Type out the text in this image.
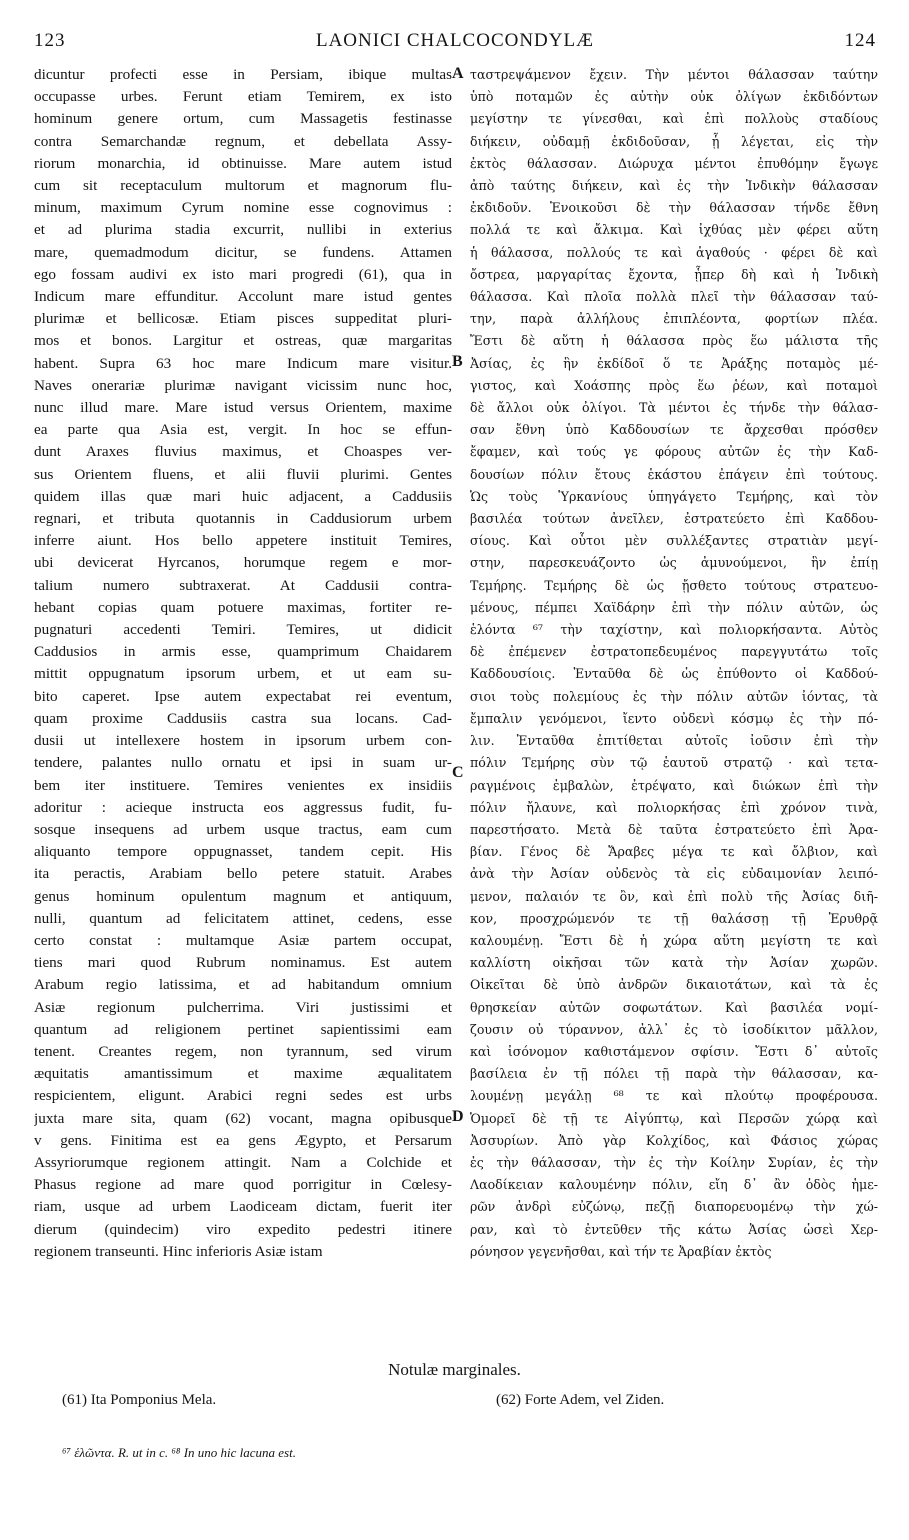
123	LAONICI CHALCOCONDYLÆ	124
dicuntur profecti esse in Persiam, ibique multas
occupasse urbes. Ferunt etiam Temirem, ex isto
hominum genere ortum, cum Massagetis festinasse
contra Semarchandæ regnum, et debellata Assy-
riorum monarchia, id obtinuisse. Mare autem istud
cum sit receptaculum multorum et magnorum flu-
minum, maximum Cyrum nomine esse cognovimus :
et ad plurima stadia excurrit, nullibi in exterius
mare, quemadmodum dicitur, se fundens. Attamen
ego fossam audivi ex isto mari progredi (61), qua in
Indicum mare effunditur. Accolunt mare istud gentes
plurimæ et bellicosæ. Etiam pisces suppeditat pluri-
mos et bonos. Largitur et ostreas, quæ margaritas
habent. Supra 63 hoc mare Indicum mare visitur.
Naves onerariæ plurimæ navigant vicissim nunc hoc,
nunc illud mare. Mare istud versus Orientem, maxime
ea parte qua Asia est, vergit. In hoc se effun-
dunt Araxes fluvius maximus, et Choaspes ver-
sus Orientem fluens, et alii fluvii plurimi. Gentes
quidem illas quæ mari huic adjacent, a Caddusiis
regnari, et tributa quotannis in Caddusiorum urbem
inferre aiunt. Hos bello appetere instituit Temires,
ubi devicerat Hyrcanos, horumque regem e mor-
talium numero subtraxerat. At Caddusii contra-
hebant copias quam potuere maximas, fortiter re-
pugnaturi accedenti Temiri. Temires, ut didicit
Caddusios in armis esse, quamprimum Chaidarem
mittit oppugnatum ipsorum urbem, et ut eam su-
bito caperet. Ipse autem expectabat rei eventum,
quam proxime Caddusiis castra sua locans. Cad-
dusii ut intellexere hostem in ipsorum urbem con-
tendere, palantes nullo ornatu et ipsi in suam ur-
bem iter instituere. Temires venientes ex insidiis
adoritur : acieque instructa eos aggressus fudit, fu-
sosque insequens ad urbem usque tractus, eam cum
aliquanto tempore oppugnasset, tandem cepit. His
ita peractis, Arabiam bello petere statuit. Arabes
genus hominum opulentum magnum et antiquum,
nulli, quantum ad felicitatem attinet, cedens, esse
certo constat : multamque Asiæ partem occupat,
tiens mari quod Rubrum nominamus. Est autem
Arabum regio latissima, et ad habitandum omnium
Asiæ regionum pulcherrima. Viri justissimi et
quantum ad religionem pertinet sapientissimi eam
tenent. Creantes regem, non tyrannum, sed virum
æquitatis amantissimum et maxime æqualitatem
respicientem, eligunt. Arabici regni sedes est urbs
juxta mare sita, quam (62) vocant, magna opibusque
v gens. Finitima est ea gens Ægypto, et Persarum
Assyriorumque regionem attingit. Nam a Colchide et
Phasus regione ad mare quod porrigitur in Cœlesy-
riam, usque ad urbem Laodiceam dictam, fuerit iter
dierum (quindecim) viro expedito pedestri itinere
regionem transeunti. Hinc inferioris Asiæ istam
ταστρεψάμενον ἔχειν. Τὴν μέντοι θάλασσαν ταύτην
ὑπὸ ποταμῶν ἐς αὐτὴν οὐκ ὀλίγων ἐκδιδόντων
μεγίστην τε γίνεσθαι, καὶ ἐπὶ πολλοὺς σταδίους
διήκειν, οὐδαμῇ ἐκδιδοῦσαν, ᾗ λέγεται, εἰς τὴν
ἐκτὸς θάλασσαν. Διώρυχα μέντοι ἐπυθόμην ἔγωγε
ἀπὸ ταύτης διήκειν, καὶ ἐς τὴν Ἰνδικὴν θάλασσαν
ἐκδιδοῦν. Ἐνοικοῦσι δὲ τὴν θάλασσαν τήνδε ἔθνη
πολλά τε καὶ ἄλκιμα. Καὶ ἰχθύας μὲν φέρει αὕτη
ἡ θάλασσα, πολλούς τε καὶ ἀγαθούς · φέρει δὲ καὶ
ὄστρεα, μαργαρίτας ἔχοντα, ᾗπερ δὴ καὶ ἡ Ἰνδικὴ
θάλασσα. Καὶ πλοῖα πολλὰ πλεῖ τὴν θάλασσαν ταύ-
την, παρὰ ἀλλήλους ἐπιπλέοντα, φορτίων πλέα.
Ἔστι δὲ αὕτη ἡ θάλασσα πρὸς ἕω μάλιστα τῆς
Ἀσίας, ἐς ἣν ἐκδίδοῖ ὅ τε Ἀράξης ποταμὸς μέ-
γιστος, καὶ Χοάσπης πρὸς ἕω ῥέων, καὶ ποταμοὶ
δὲ ἄλλοι οὐκ ὀλίγοι. Τὰ μέντοι ἐς τήνδε τὴν θάλασ-
σαν ἔθνη ὑπὸ Καδδουσίων τε ἄρχεσθαι πρόσθεν
ἔφαμεν, καὶ τούς γε φόρους αὐτῶν ἐς τὴν Καδ-
δουσίων πόλιν ἔτους ἑκάστου ἐπάγειν ἐπὶ τούτους.
Ὡς τοὺς Ὑρκανίους ὑπηγάγετο Τεμήρης, καὶ τὸν
βασιλέα τούτων ἀνεῖλεν, ἐστρατεύετο ἐπὶ Καδδου-
σίους. Καὶ οὗτοι μὲν συλλέξαντες στρατιὰν μεγί-
στην, παρεσκευάζοντο ὡς ἀμυνούμενοι, ἣν ἐπίῃ
Τεμήρης. Τεμήρης δὲ ὡς ᾔσθετο τούτους στρατευο-
μένους, πέμπει Χαϊδάρην ἐπὶ τὴν πόλιν αὐτῶν, ὡς
ἑλόντα ⁶⁷ τὴν ταχίστην, καὶ πολιορκήσαντα. Αὐτὸς
δὲ ἐπέμενεν ἐστρατοπεδευμένος παρεγγυτάτω τοῖς
Καδδουσίοις. Ἐνταῦθα δὲ ὡς ἐπύθοντο οἱ Καδδού-
σιοι τοὺς πολεμίους ἐς τὴν πόλιν αὐτῶν ἰόντας, τὰ
ἔμπαλιν γενόμενοι, ἴεντο οὐδενὶ κόσμῳ ἐς τὴν πό-
λιν. Ἐνταῦθα ἐπιτίθεται αὐτοῖς ἰοῦσιν ἐπὶ τὴν
πόλιν Τεμήρης σὺν τῷ ἑαυτοῦ στρατῷ · καὶ τετα-
ραγμένοις ἐμβαλὼν, ἐτρέψατο, καὶ διώκων ἐπὶ τὴν
πόλιν ἤλαυνε, καὶ πολιορκήσας ἐπὶ χρόνον τινὰ,
παρεστήσατο. Μετὰ δὲ ταῦτα ἐστρατεύετο ἐπὶ Ἀρα-
βίαν. Γένος δὲ Ἄραβες μέγα τε καὶ ὄλβιον, καὶ
ἀνὰ τὴν Ἀσίαν οὐδενὸς τὰ εἰς εὐδαιμονίαν λειπό-
μενον, παλαιόν τε ὂν, καὶ ἐπὶ πολὺ τῆς Ἀσίας διῆ-
κον, προσχρώμενόν τε τῇ θαλάσσῃ τῇ Ἐρυθρᾷ
καλουμένῃ. Ἔστι δὲ ἡ χώρα αὕτη μεγίστη τε καὶ
καλλίστη οἰκῆσαι τῶν κατὰ τὴν Ἀσίαν χωρῶν.
Οἰκεῖται δὲ ὑπὸ ἀνδρῶν δικαιοτάτων, καὶ τὰ ἐς
θρησκείαν αὐτῶν σοφωτάτων. Καὶ βασιλέα νομί-
ζουσιν οὐ τύραννον, ἀλλ᾽ ἐς τὸ ἰσοδίκιτον μᾶλλον,
καὶ ἰσόνομον καθιστάμενον σφίσιν. Ἔστι δ᾽ αὐτοῖς
βασίλεια ἐν τῇ πόλει τῇ παρὰ τὴν θάλασσαν, κα-
λουμένῃ μεγάλῃ ⁶⁸ τε καὶ πλούτῳ προφέρουσα.
Ὁμορεῖ δὲ τῇ τε Αἰγύπτῳ, καὶ Περσῶν χώρᾳ καὶ
Ἀσσυρίων. Ἀπὸ γὰρ Κολχίδος, καὶ Φάσιος χώρας
ἐς τὴν θάλασσαν, τὴν ἐς τὴν Κοίλην Συρίαν, ἐς τὴν
Λαοδίκειαν καλουμένην πόλιν, εἴη δ᾽ ἂν ὁδὸς ἡμε-
ρῶν ἀνδρὶ εὐζώνῳ, πεζῇ διαπορευομένῳ τὴν χώ-
ραν, καὶ τὸ ἐντεῦθεν τῆς κάτω Ἀσίας ὡσεὶ Χερ-
ρόνησον γεγενῆσθαι, καὶ τήν τε Ἀραβίαν ἐκτὸς
A
B
C
D
Notulæ marginales.
(61) Ita Pomponius Mela.	(62) Forte Adem, vel Ziden.
⁶⁷ ἑλῶντα. R. ut in c. ⁶⁸ In uno hic lacuna est.
